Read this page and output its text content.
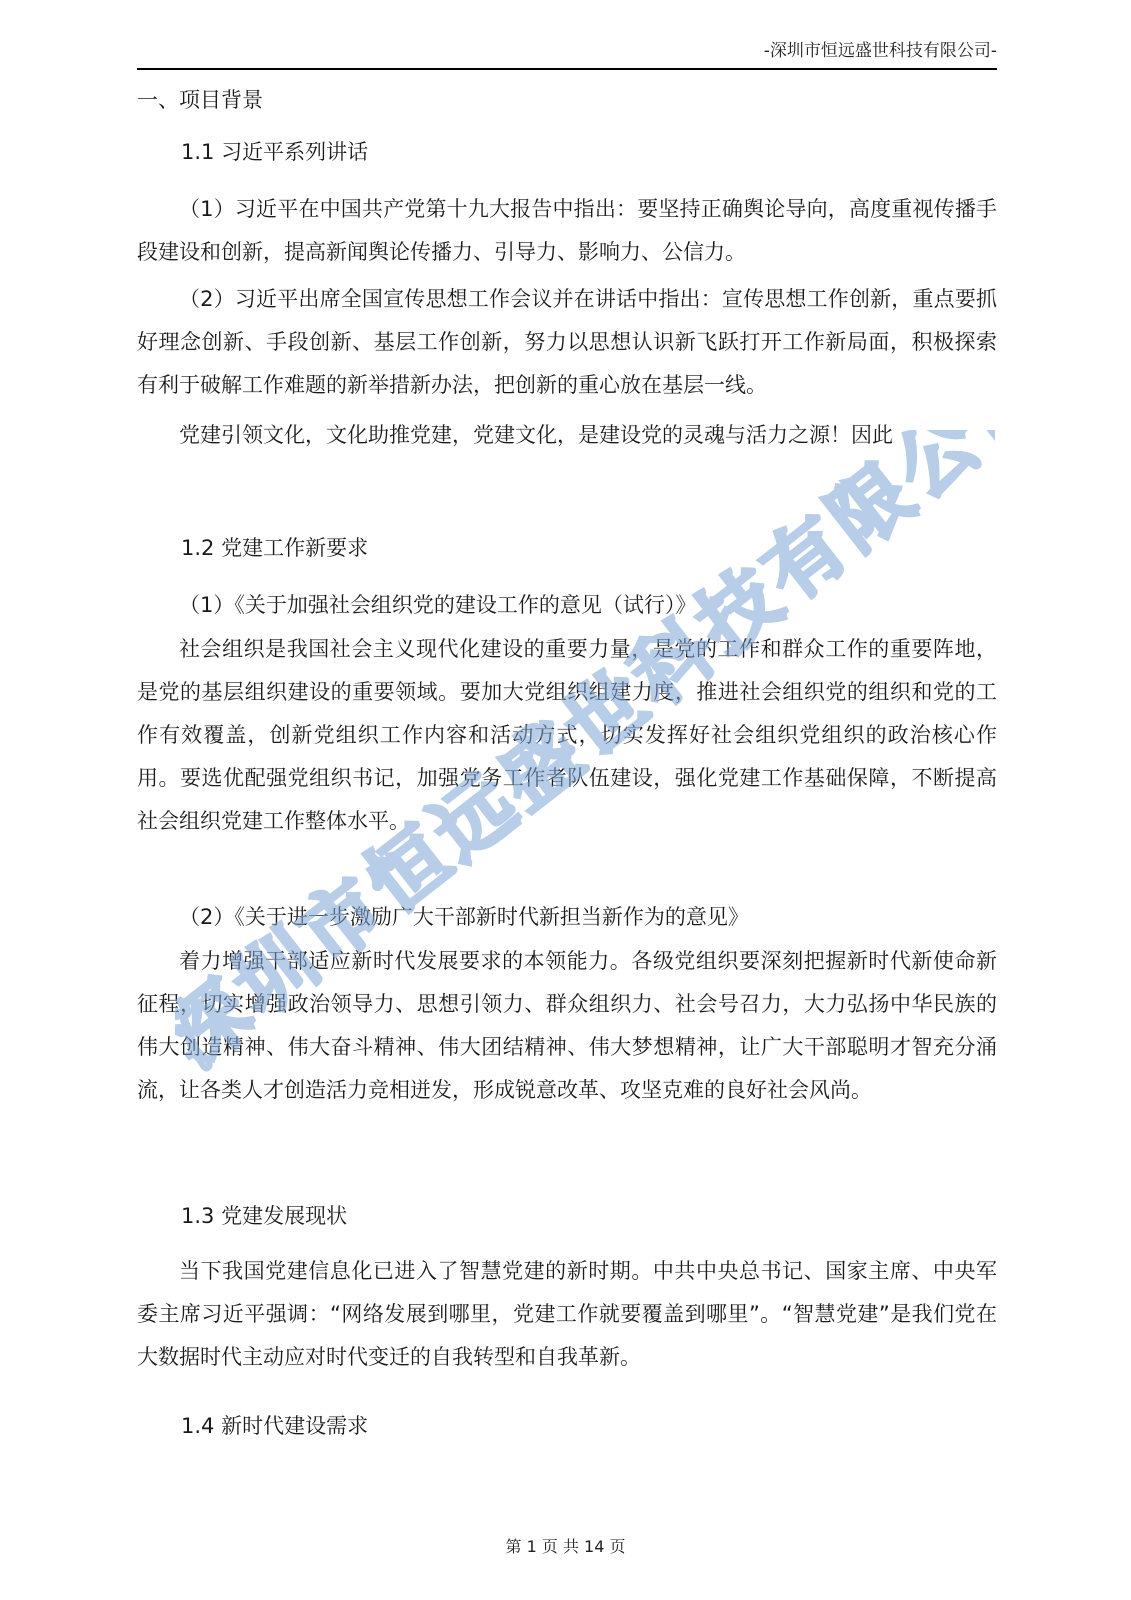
-深圳市恒远盛世科技有限公司-
一、项目背景
1.1 习近平系列讲话
（1）习近平在中国共产党第十九大报告中指出：要坚持正确舆论导向，高度重视传播手段建设和创新，提高新闻舆论传播力、引导力、影响力、公信力。
（2）习近平出席全国宣传思想工作会议并在讲话中指出：宣传思想工作创新，重点要抓好理念创新、手段创新、基层工作创新，努力以思想认识新飞跃打开工作新局面，积极探索有利于破解工作难题的新举措新办法，把创新的重心放在基层一线。
党建引领文化，文化助推党建，党建文化，是建设党的灵魂与活力之源！因此
1.2 党建工作新要求
（1）《关于加强社会组织党的建设工作的意见（试行）》
社会组织是我国社会主义现代化建设的重要力量，是党的工作和群众工作的重要阵地，是党的基层组织建设的重要领域。要加大党组织组建力度，推进社会组织党的组织和党的工作有效覆盖，创新党组织工作内容和活动方式，切实发挥好社会组织党组织的政治核心作用。要选优配强党组织书记，加强党务工作者队伍建设，强化党建工作基础保障，不断提高社会组织党建工作整体水平。
（2）《关于进一步激励广大干部新时代新担当新作为的意见》
着力增强干部适应新时代发展要求的本领能力。各级党组织要深刻把握新时代新使命新征程，切实增强政治领导力、思想引领力、群众组织力、社会号召力，大力弘扬中华民族的伟大创造精神、伟大奋斗精神、伟大团结精神、伟大梦想精神，让广大干部聪明才智充分涌流，让各类人才创造活力竞相迸发，形成锐意改革、攻坚克难的良好社会风尚。
1.3 党建发展现状
当下我国党建信息化已进入了智慧党建的新时期。中共中央总书记、国家主席、中央军委主席习近平强调：“网络发展到哪里，党建工作就要覆盖到哪里”。“智慧党建”是我们党在大数据时代主动应对时代变迁的自我转型和自我革新。
1.4 新时代建设需求
深圳市恒远盛世科技有限公司
第 1 页 共 14 页
